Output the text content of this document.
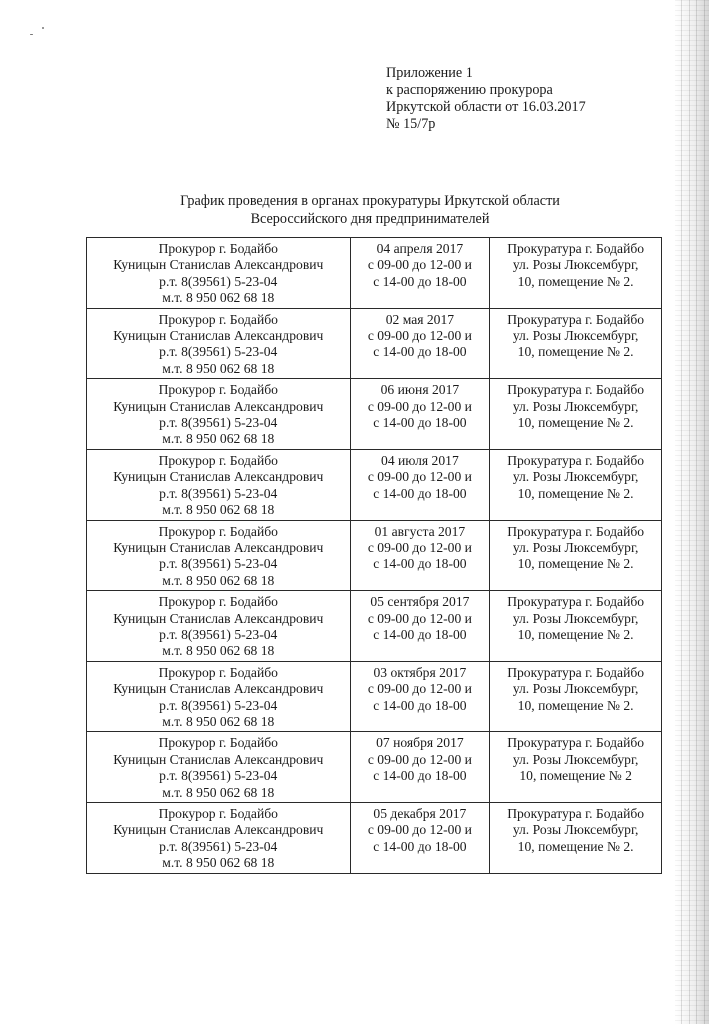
Приложение 1
к распоряжению прокурора
Иркутской области от 16.03.2017
№ 15/7р
График проведения в органах прокуратуры Иркутской области
Всероссийского дня предпринимателей
Прокурор г. Бодайбо
Куницын Станислав Александрович
р.т. 8(39561) 5-23-04
м.т. 8 950 062 68 18	04 апреля 2017
с 09-00 до 12-00 и
с 14-00 до 18-00	Прокуратура г. Бодайбо
ул. Розы Люксембург,
10, помещение № 2.

Прокурор г. Бодайбо
Куницын Станислав Александрович
р.т. 8(39561) 5-23-04
м.т. 8 950 062 68 18	02 мая 2017
с 09-00 до 12-00 и
с 14-00 до 18-00	Прокуратура г. Бодайбо
ул. Розы Люксембург,
10, помещение № 2.

Прокурор г. Бодайбо
Куницын Станислав Александрович
р.т. 8(39561) 5-23-04
м.т. 8 950 062 68 18	06 июня 2017
с 09-00 до 12-00 и
с 14-00 до 18-00	Прокуратура г. Бодайбо
ул. Розы Люксембург,
10, помещение № 2.

Прокурор г. Бодайбо
Куницын Станислав Александрович
р.т. 8(39561) 5-23-04
м.т. 8 950 062 68 18	04 июля 2017
с 09-00 до 12-00 и
с 14-00 до 18-00	Прокуратура г. Бодайбо
ул. Розы Люксембург,
10, помещение № 2.

Прокурор г. Бодайбо
Куницын Станислав Александрович
р.т. 8(39561) 5-23-04
м.т. 8 950 062 68 18	01 августа 2017
с 09-00 до 12-00 и
с 14-00 до 18-00	Прокуратура г. Бодайбо
ул. Розы Люксембург,
10, помещение № 2.

Прокурор г. Бодайбо
Куницын Станислав Александрович
р.т. 8(39561) 5-23-04
м.т. 8 950 062 68 18	05 сентября 2017
с 09-00 до 12-00 и
с 14-00 до 18-00	Прокуратура г. Бодайбо
ул. Розы Люксембург,
10, помещение № 2.

Прокурор г. Бодайбо
Куницын Станислав Александрович
р.т. 8(39561) 5-23-04
м.т. 8 950 062 68 18	03 октября 2017
с 09-00 до 12-00 и
с 14-00 до 18-00	Прокуратура г. Бодайбо
ул. Розы Люксембург,
10, помещение № 2.

Прокурор г. Бодайбо
Куницын Станислав Александрович
р.т. 8(39561) 5-23-04
м.т. 8 950 062 68 18	07 ноября 2017
с 09-00 до 12-00 и
с 14-00 до 18-00	Прокуратура г. Бодайбо
ул. Розы Люксембург,
10, помещение № 2

Прокурор г. Бодайбо
Куницын Станислав Александрович
р.т. 8(39561) 5-23-04
м.т. 8 950 062 68 18	05 декабря 2017
с 09-00 до 12-00 и
с 14-00 до 18-00	Прокуратура г. Бодайбо
ул. Розы Люксембург,
10, помещение № 2.
